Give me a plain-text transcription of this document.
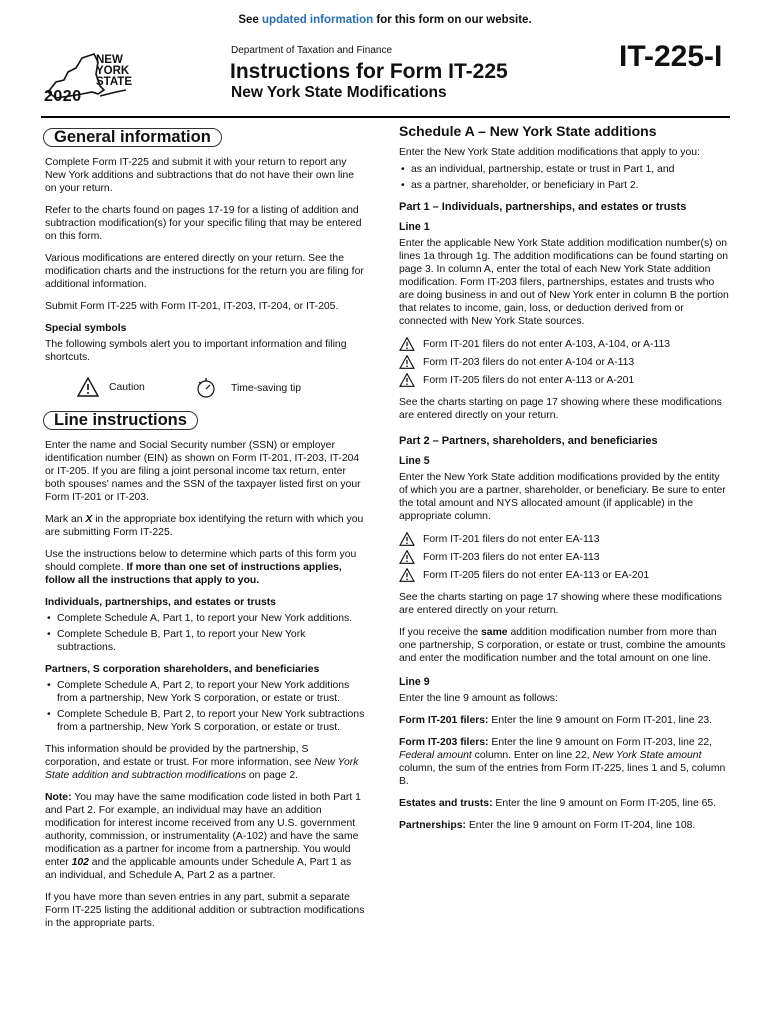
See updated information for this form on our website.
NEW
YORK
STATE
2020
Department of Taxation and Finance
Instructions for Form IT-225
New York State Modifications
IT-225-I
General information

Complete Form IT-225 and submit it with your return to report any New York additions and subtractions that do not have their own line on your return.

Refer to the charts found on pages 17-19 for a listing of addition and subtraction modification(s) for your specific filing that may be entered on this form.

Various modifications are entered directly on your return. See the modification charts and the instructions for the return you are filing for additional information.

Submit Form IT-225 with Form IT-201, IT-203, IT-204, or IT-205.

Special symbols

The following symbols alert you to important information and filing shortcuts.

Caution	Time-saving tip
Line instructions

Enter the name and Social Security number (SSN) or employer identification number (EIN) as shown on Form IT-201, IT-203, IT-204 or IT-205. If you are filing a joint personal income tax return, enter both spouses' names and the SSN of the taxpayer listed first on your Form IT-201 or IT-203.

Mark an X in the appropriate box identifying the return with which you are submitting Form IT-225.

Use the instructions below to determine which parts of this form you should complete. If more than one set of instructions applies, follow all the instructions that apply to you.

Individuals, partnerships, and estates or trusts
• Complete Schedule A, Part 1, to report your New York additions.
• Complete Schedule B, Part 1, to report your New York subtractions.
Partners, S corporation shareholders, and beneficiaries
• Complete Schedule A, Part 2, to report your New York additions from a partnership, New York S corporation, or estate or trust.
• Complete Schedule B, Part 2, to report your New York subtractions from a partnership, New York S corporation, or estate or trust.

This information should be provided by the partnership, S corporation, and estate or trust. For more information, see New York State addition and subtraction modifications on page 2.

Note: You may have the same modification code listed in both Part 1 and Part 2. For example, an individual may have an addition modification for interest income received from any U.S. government authority, commission, or instrumentality (A-102) and have the same modification as a partner for income from a partnership. You would enter 102 and the applicable amounts under Schedule A, Part 1 as an individual, and Schedule A, Part 2 as a partner.

If you have more than seven entries in any part, submit a separate Form IT-225 listing the additional addition or subtraction modifications in the appropriate parts.

Schedule A – New York State additions

Enter the New York State addition modifications that apply to you:

• as an individual, partnership, estate or trust in Part 1, and
• as a partner, shareholder, or beneficiary in Part 2.
Part 1 – Individuals, partnerships, and estates or trusts
Line 1

Enter the applicable New York State addition modification number(s) on lines 1a through 1g. The addition modifications can be found starting on page 3. In column A, enter the total of each New York State addition modification. Form IT-203 filers, partnerships, estates and trusts who are doing business in and out of New York enter in column B the portion that relates to income, gain, loss, or deduction derived from or connected with New York State sources.

Form IT-201 filers do not enter A-103, A-104, or A-113
Form IT-203 filers do not enter A-104 or A-113
Form IT-205 filers do not enter A-113 or A-201

See the charts starting on page 17 showing where these modifications are entered directly on your return.

Part 2 – Partners, shareholders, and beneficiaries
Line 5

Enter the New York State addition modifications provided by the entity of which you are a partner, shareholder, or beneficiary. Be sure to enter the total amount and NYS allocated amount (if applicable) in the appropriate column.

Form IT-201 filers do not enter EA-113
Form IT-203 filers do not enter EA-113
Form IT-205 filers do not enter EA-113 or EA-201

See the charts starting on page 17 showing where these modifications are entered directly on your return.

If you receive the same addition modification number from more than one partnership, S corporation, or estate or trust, combine the amounts and enter the modification number and the total amount on one line.

Line 9

Enter the line 9 amount as follows:

Form IT-201 filers: Enter the line 9 amount on Form IT-201, line 23.

Form IT-203 filers: Enter the line 9 amount on Form IT-203, line 22, Federal amount column. Enter on line 22, New York State amount column, the sum of the entries from Form IT-225, lines 1 and 5, column B.

Estates and trusts: Enter the line 9 amount on Form IT-205, line 65.

Partnerships: Enter the line 9 amount on Form IT-204, line 108.
